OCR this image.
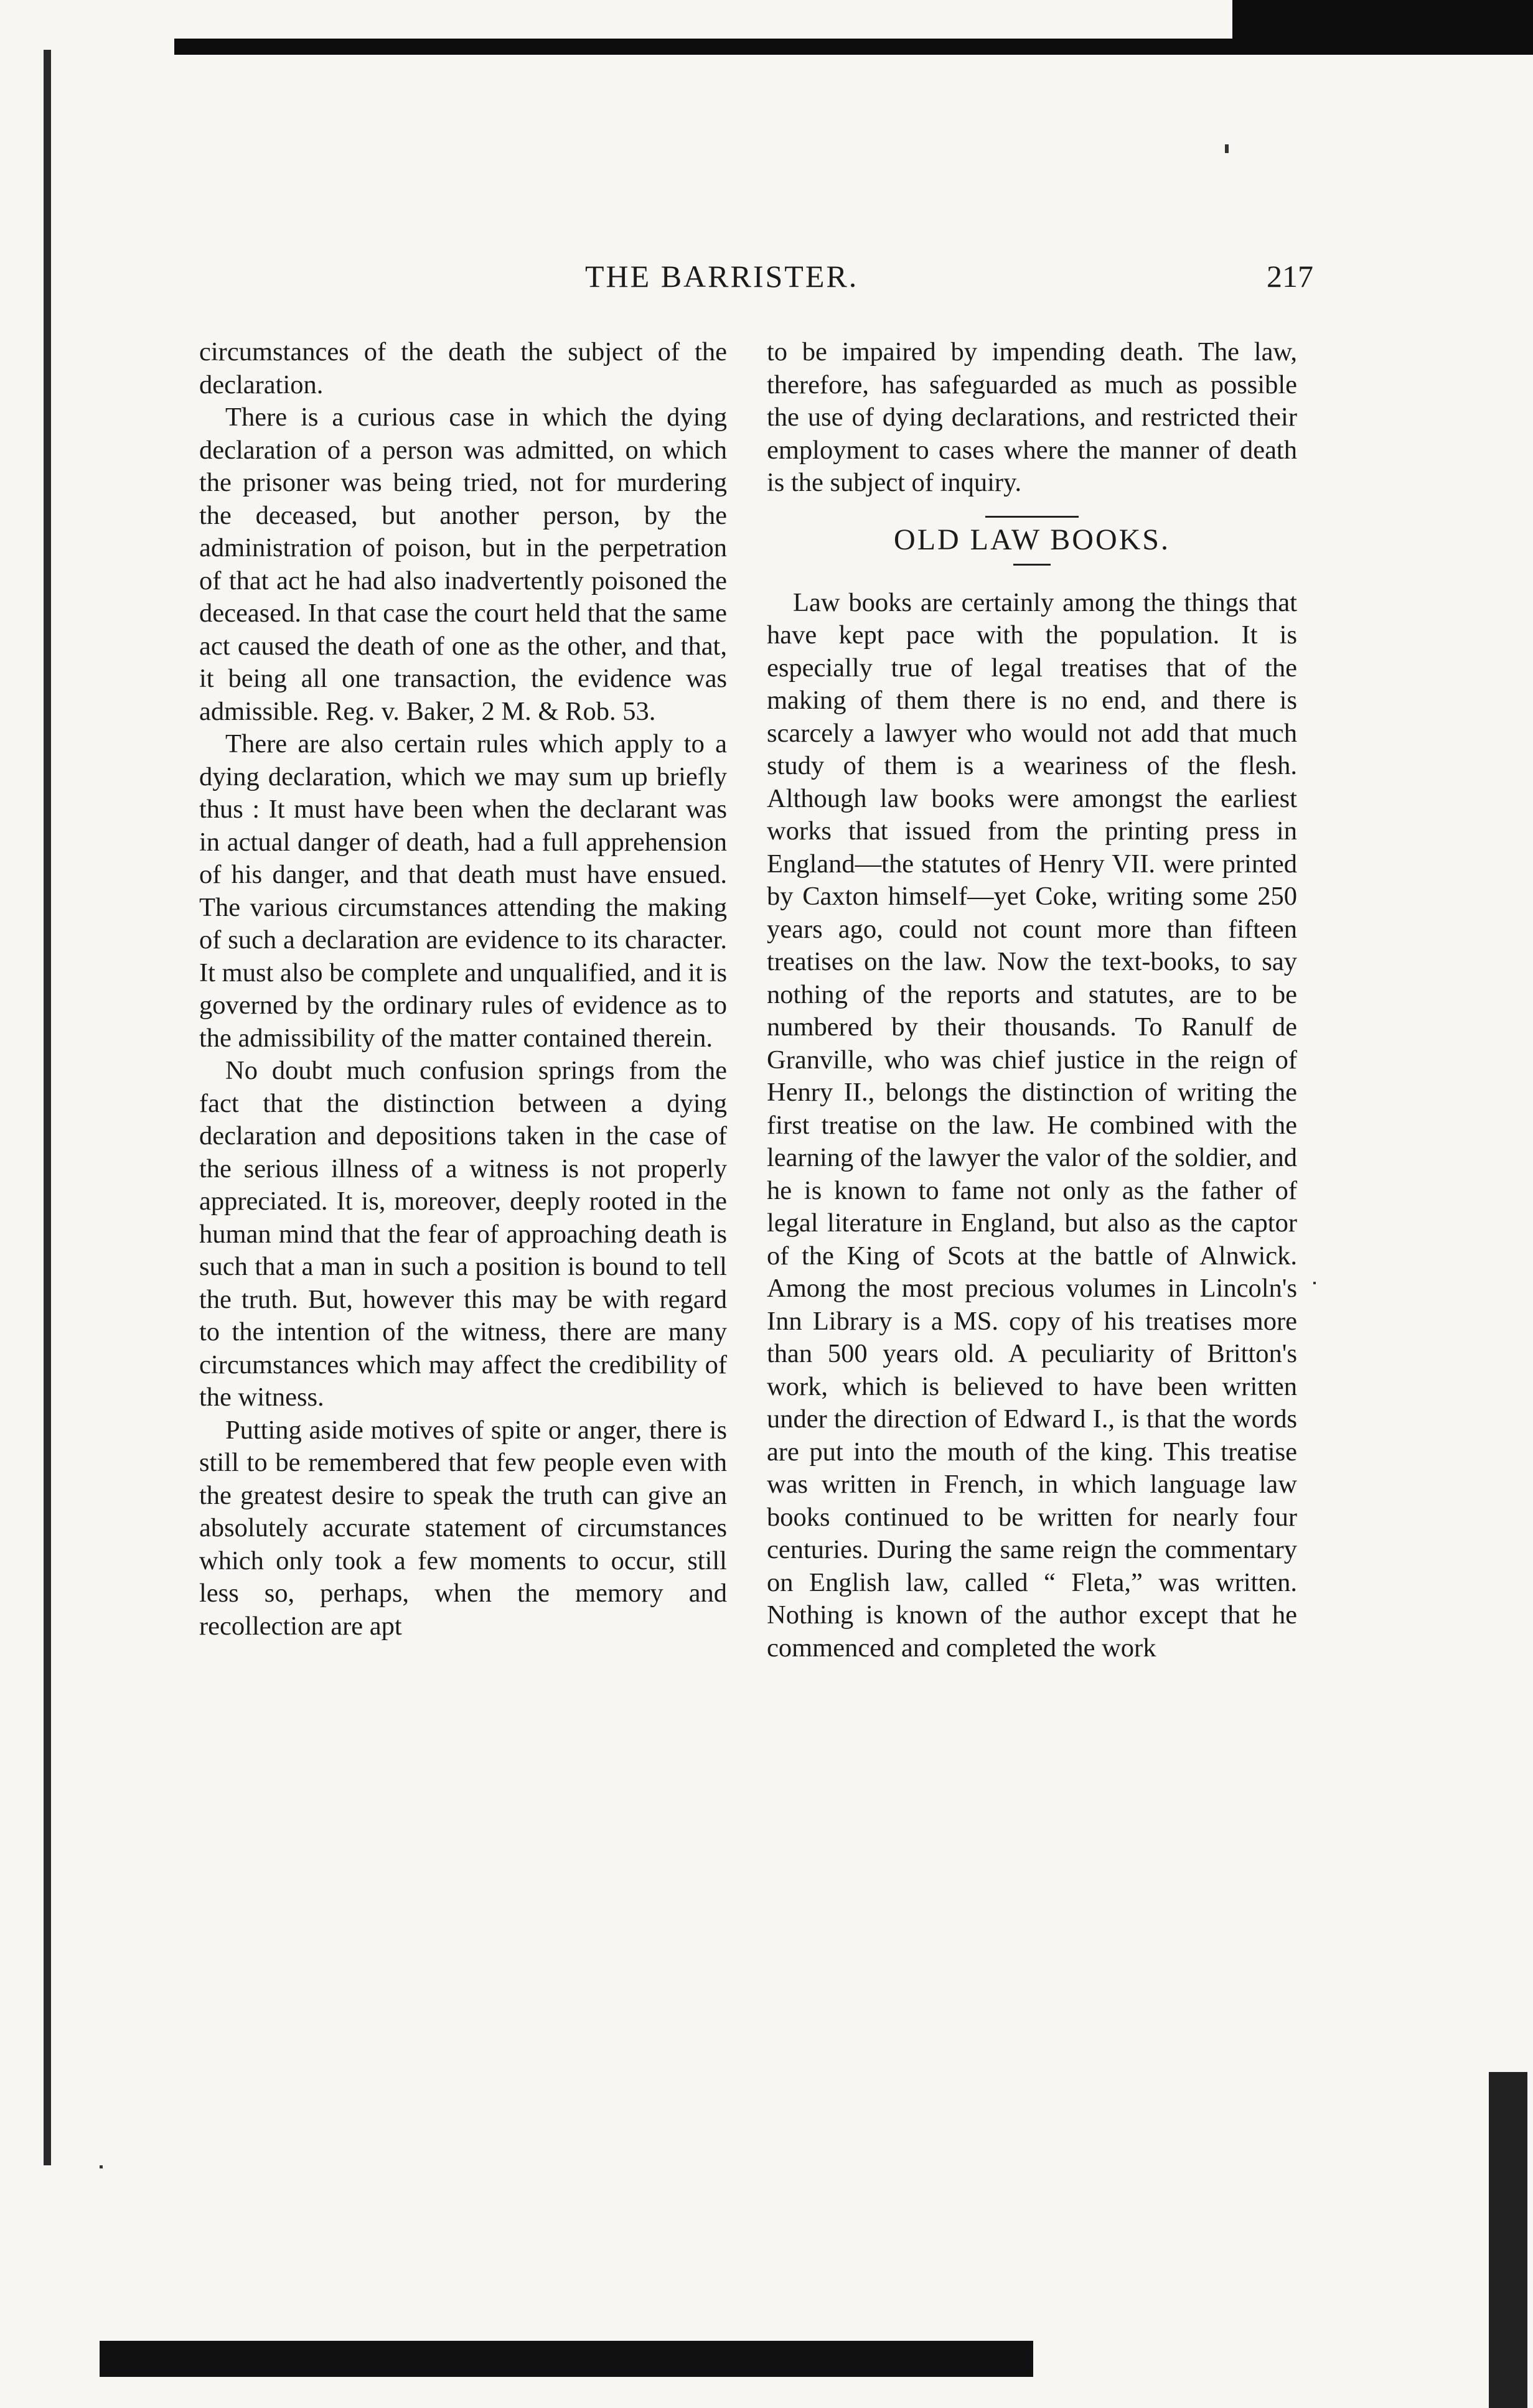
THE BARRISTER.	217

circumstances of the death the subject of the declaration.

There is a curious case in which the dying declaration of a person was admitted, on which the prisoner was being tried, not for murdering the deceased, but another person, by the administration of poison, but in the perpetration of that act he had also inadvertently poisoned the deceased. In that case the court held that the same act caused the death of one as the other, and that, it being all one transaction, the evidence was admissible. Reg. v. Baker, 2 M. & Rob. 53.

There are also certain rules which apply to a dying declaration, which we may sum up briefly thus : It must have been when the declarant was in actual danger of death, had a full apprehension of his danger, and that death must have ensued. The various circumstances attending the making of such a declaration are evidence to its character. It must also be complete and unqualified, and it is governed by the ordinary rules of evidence as to the admissibility of the matter contained therein.

No doubt much confusion springs from the fact that the distinction between a dying declaration and depositions taken in the case of the serious illness of a witness is not properly appreciated. It is, moreover, deeply rooted in the human mind that the fear of approaching death is such that a man in such a position is bound to tell the truth. But, however this may be with regard to the intention of the witness, there are many circumstances which may affect the credibility of the witness.

Putting aside motives of spite or anger, there is still to be remembered that few people even with the greatest desire to speak the truth can give an absolutely accurate statement of circumstances which only took a few moments to occur, still less so, perhaps, when the memory and recollection are apt

to be impaired by impending death. The law, therefore, has safeguarded as much as possible the use of dying declarations, and restricted their employment to cases where the manner of death is the subject of inquiry.

OLD LAW BOOKS.

Law books are certainly among the things that have kept pace with the population. It is especially true of legal treatises that of the making of them there is no end, and there is scarcely a lawyer who would not add that much study of them is a weariness of the flesh. Although law books were amongst the earliest works that issued from the printing press in England—the statutes of Henry VII. were printed by Caxton himself—yet Coke, writing some 250 years ago, could not count more than fifteen treatises on the law. Now the text-books, to say nothing of the reports and statutes, are to be numbered by their thousands. To Ranulf de Granville, who was chief justice in the reign of Henry II., belongs the distinction of writing the first treatise on the law. He combined with the learning of the lawyer the valor of the soldier, and he is known to fame not only as the father of legal literature in England, but also as the captor of the King of Scots at the battle of Alnwick. Among the most precious volumes in Lincoln's Inn Library is a MS. copy of his treatises more than 500 years old. A peculiarity of Britton's work, which is believed to have been written under the direction of Edward I., is that the words are put into the mouth of the king. This treatise was written in French, in which language law books continued to be written for nearly four centuries. During the same reign the commentary on English law, called “ Fleta,” was written. Nothing is known of the author except that he commenced and completed the work
